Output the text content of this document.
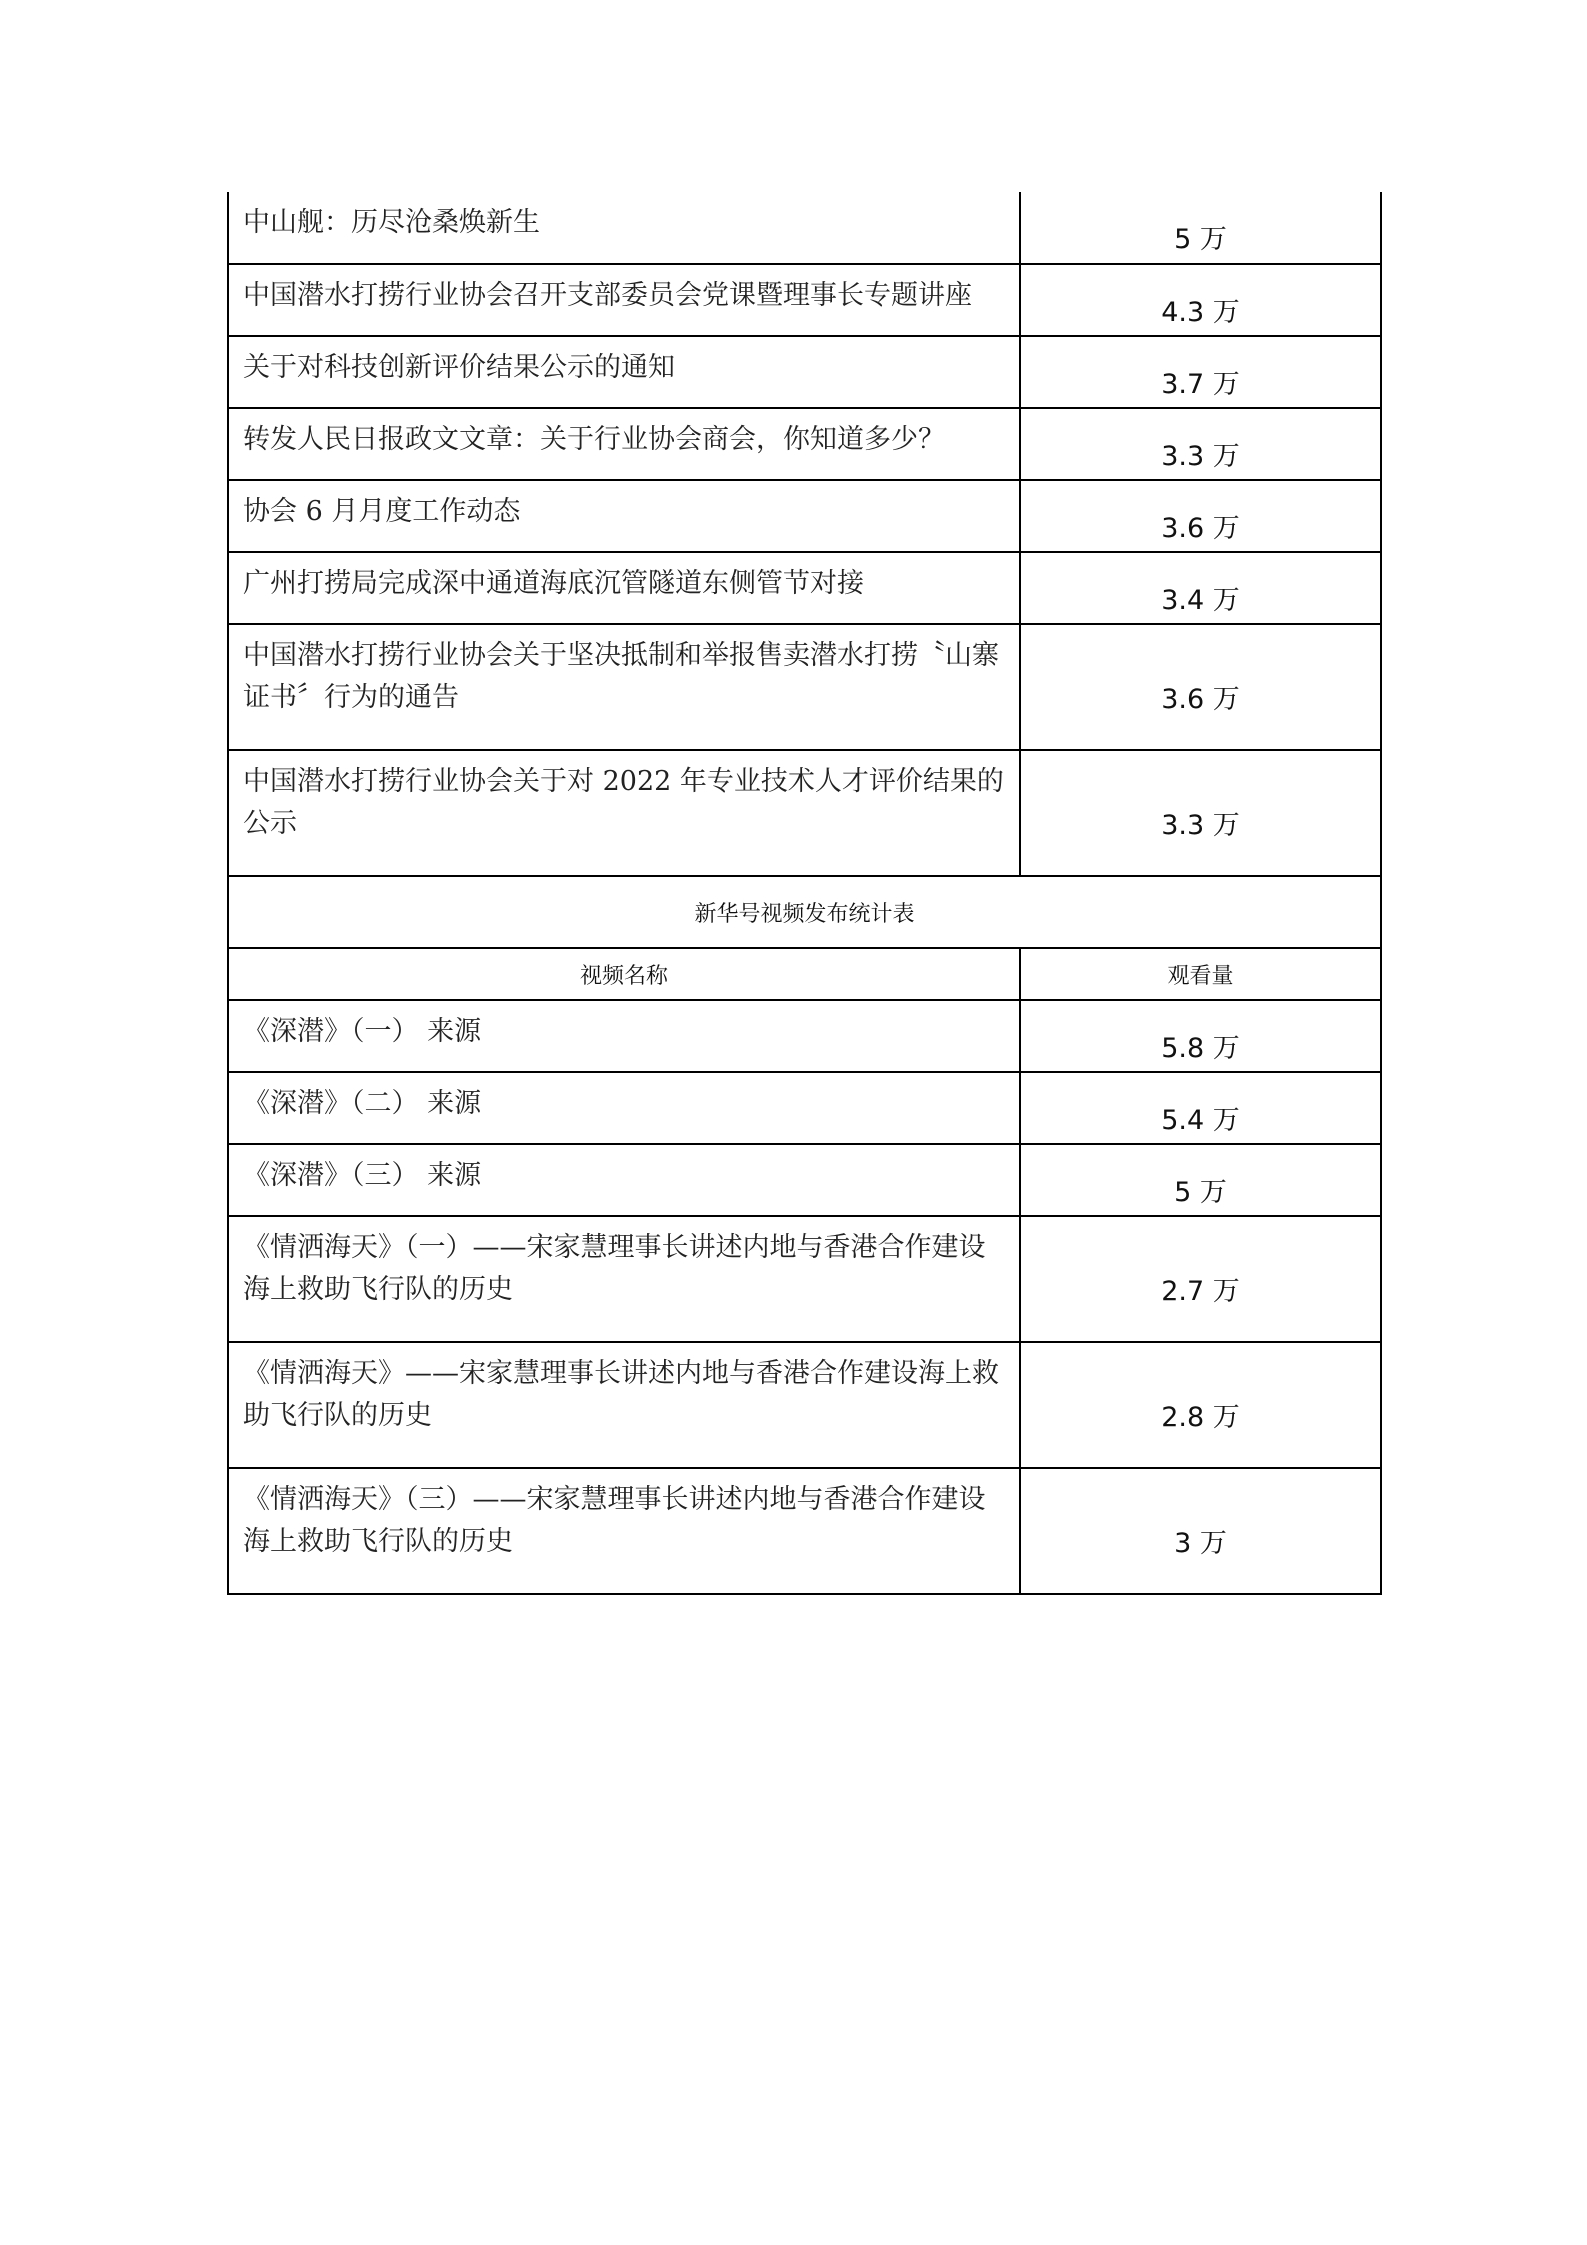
中山舰：历尽沧桑焕新生	5 万
中国潜水打捞行业协会召开支部委员会党课暨理事长专题讲座	4.3 万
关于对科技创新评价结果公示的通知	3.7 万
转发人民日报政文文章：关于行业协会商会，你知道多少？	3.3 万
协会 6 月月度工作动态	3.6 万
广州打捞局完成深中通道海底沉管隧道东侧管节对接	3.4 万
中国潜水打捞行业协会关于坚决抵制和举报售卖潜水打捞〝山寨证书〞行为的通告	3.6 万
中国潜水打捞行业协会关于对 2022 年专业技术人才评价结果的公示	3.3 万
新华号视频发布统计表	
视频名称	观看量
《深潜》（一） 来源	5.8 万
《深潜》（二） 来源	5.4 万
《深潜》（三） 来源	5 万
《情洒海天》（一）——宋家慧理事长讲述内地与香港合作建设海上救助飞行队的历史	2.7 万
《情洒海天》——宋家慧理事长讲述内地与香港合作建设海上救助飞行队的历史	2.8 万
《情洒海天》（三）——宋家慧理事长讲述内地与香港合作建设海上救助飞行队的历史	3 万
